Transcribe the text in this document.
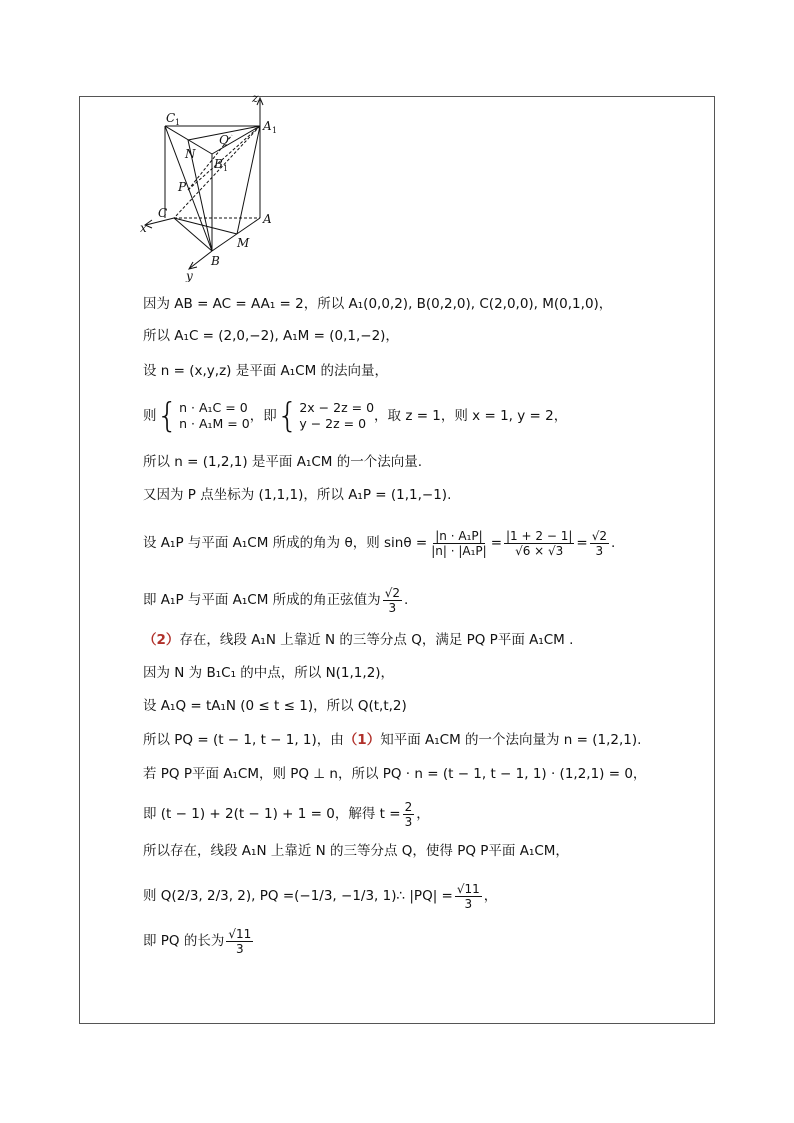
z
C 1	A 1
Q
N
B 1
P
C	A
x
M
B
y
因为 AB = AC = AA₁ = 2，所以 A₁(0,0,2), B(0,2,0), C(2,0,0), M(0,1,0)，
所以 A₁C = (2,0,−2), A₁M = (0,1,−2)，
设 n = (x,y,z) 是平面 A₁CM 的法向量，
则 { n · A₁C = 0
n · A₁M = 0 ，即 { 2x − 2z = 0
y − 2z = 0 ，取 z = 1，则 x = 1, y = 2，
所以 n = (1,2,1) 是平面 A₁CM 的一个法向量.
又因为 P 点坐标为 (1,1,1)，所以 A₁P = (1,1,−1).
设 A₁P 与平面 A₁CM 所成的角为 θ，则 $\sin\theta = \frac{\text{|n · A₁P|}}{\text{|n| · |A₁P|}} = \frac{|1 + 2 - 1|}{√6 \times √3} = \frac{√2}{3}$ .
即 A₁P 与平面 A₁CM 所成的角正弦值为 $\frac{√2}{3}$ .
（2）存在，线段 A₁N 上靠近 N 的三等分点 Q，满足 PQ P平面 A₁CM .
因为 N 为 B₁C₁ 的中点，所以 N(1,1,2)，
设 A₁Q = tA₁N (0 ≤ t ≤ 1)，所以 Q(t,t,2)
所以 PQ = (t − 1, t − 1, 1)，由（1）知平面 A₁CM 的一个法向量为 n = (1,2,1).
若 PQ P平面 A₁CM，则 PQ ⊥ n，所以 PQ · n = (t − 1, t − 1, 1) · (1,2,1) = 0，
即 (t − 1) + 2(t − 1) + 1 = 0，解得 $t = \frac{2}{3}$ ，
所以存在，线段 A₁N 上靠近 N 的三等分点 Q，使得 PQ P平面 A₁CM，
则 Q (2/3, 2/3, 2) , PQ = (−1/3, −1/3, 1) ∴ $|PQ| = \frac{√11}{3}$ ，
即 PQ 的长为 $\frac{√11}{3}$
